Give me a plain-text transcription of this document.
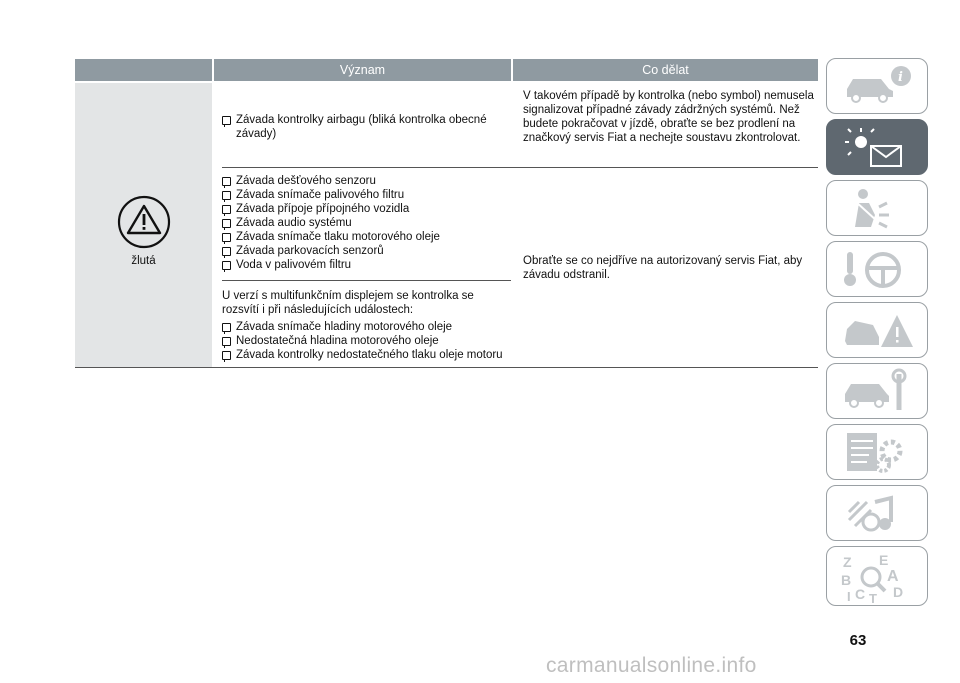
Význam	Co dělat
žlutá
Závada kontrolky airbagu (bliká kontrolka obecné závady)
V takovém případě by kontrolka (nebo symbol) nemusela signalizovat případné závady zádržných systémů. Než budete pokračovat v jízdě, obraťte se bez prodlení na značkový servis Fiat a nechejte soustavu zkontrolovat.
Závada dešťového senzoru
Závada snímače palivového filtru
Závada přípoje přípojného vozidla
Závada audio systému
Závada snímače tlaku motorového oleje
Závada parkovacích senzorů
Voda v palivovém filtru
U verzí s multifunkčním displejem se kontrolka se rozsvítí i při následujících událostech:
Závada snímače hladiny motorového oleje
Nedostatečná hladina motorového oleje
Závada kontrolky nedostatečného tlaku oleje motoru
Obraťte se co nejdříve na autorizovaný servis Fiat, aby závadu odstranil.
i
Z E
B A
C D
T
I
63
carmanualsonline.info
